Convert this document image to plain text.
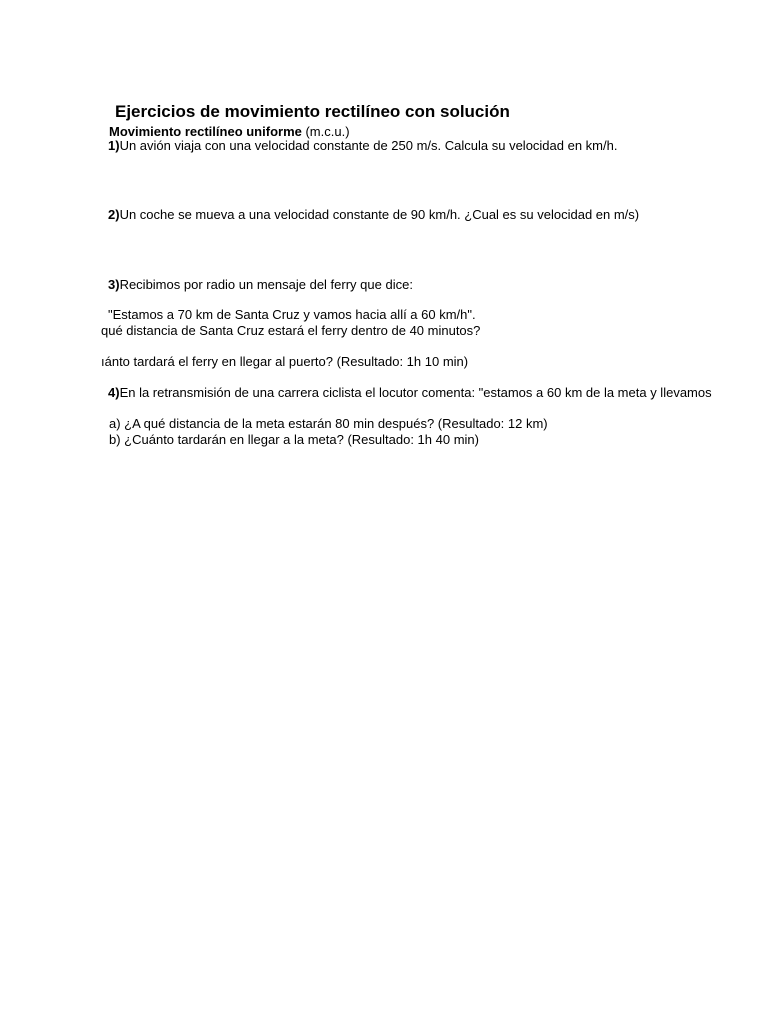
Ejercicios de movimiento rectilíneo con solución
Movimiento rectilíneo uniforme (m.c.u.)
1)Un avión viaja con una velocidad constante de 250 m/s. Calcula su velocidad en km/h.
2)Un coche se mueva a una velocidad constante de 90 km/h. ¿Cual es su velocidad en m/s)
3)Recibimos por radio un mensaje del ferry que dice:
"Estamos a 70 km de Santa Cruz y vamos hacia allí a 60 km/h".
qué distancia de Santa Cruz estará el ferry dentro de 40 minutos?
ıánto tardará el ferry en llegar al puerto? (Resultado: 1h 10 min)
4)En la retransmisión de una carrera ciclista el locutor comenta: "estamos a 60 km de la meta y llevamos
a) ¿A qué distancia de la meta estarán 80 min después? (Resultado: 12 km)
b) ¿Cuánto tardarán en llegar a la meta? (Resultado: 1h 40 min)
